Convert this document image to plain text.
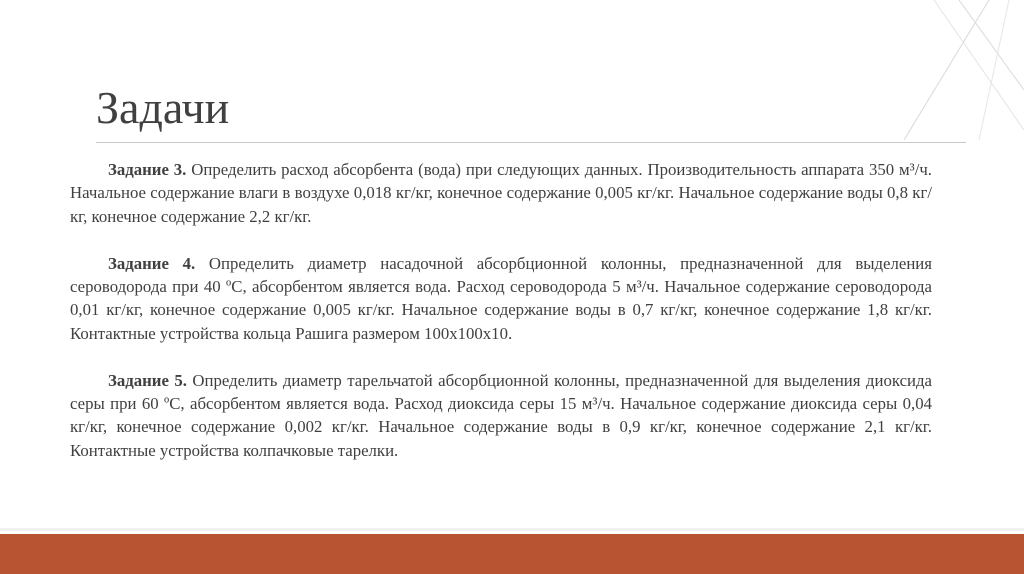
Задачи

Задание 3. Определить расход абсорбента (вода) при следующих данных. Производительность аппарата 350 м³/ч. Начальное содержание влаги в воздухе 0,018 кг/кг, конечное содержание 0,005 кг/кг. Начальное содержание воды 0,8 кг/кг, конечное содержание 2,2 кг/кг.

Задание 4. Определить диаметр насадочной абсорбционной колонны, предназначенной для выделения сероводорода при 40 ºС, абсорбентом является вода. Расход сероводорода 5 м³/ч. Начальное содержание сероводорода 0,01 кг/кг, конечное содержание 0,005 кг/кг. Начальное содержание воды в 0,7 кг/кг, конечное содержание 1,8 кг/кг. Контактные устройства кольца Рашига размером 100х100х10.

Задание 5. Определить диаметр тарельчатой абсорбционной колонны, предназначенной для выделения диоксида серы при 60 ºС, абсорбентом является вода. Расход диоксида серы 15 м³/ч. Начальное содержание диоксида серы 0,04 кг/кг, конечное содержание 0,002 кг/кг. Начальное содержание воды в 0,9 кг/кг, конечное содержание 2,1 кг/кг. Контактные устройства колпачковые тарелки.
